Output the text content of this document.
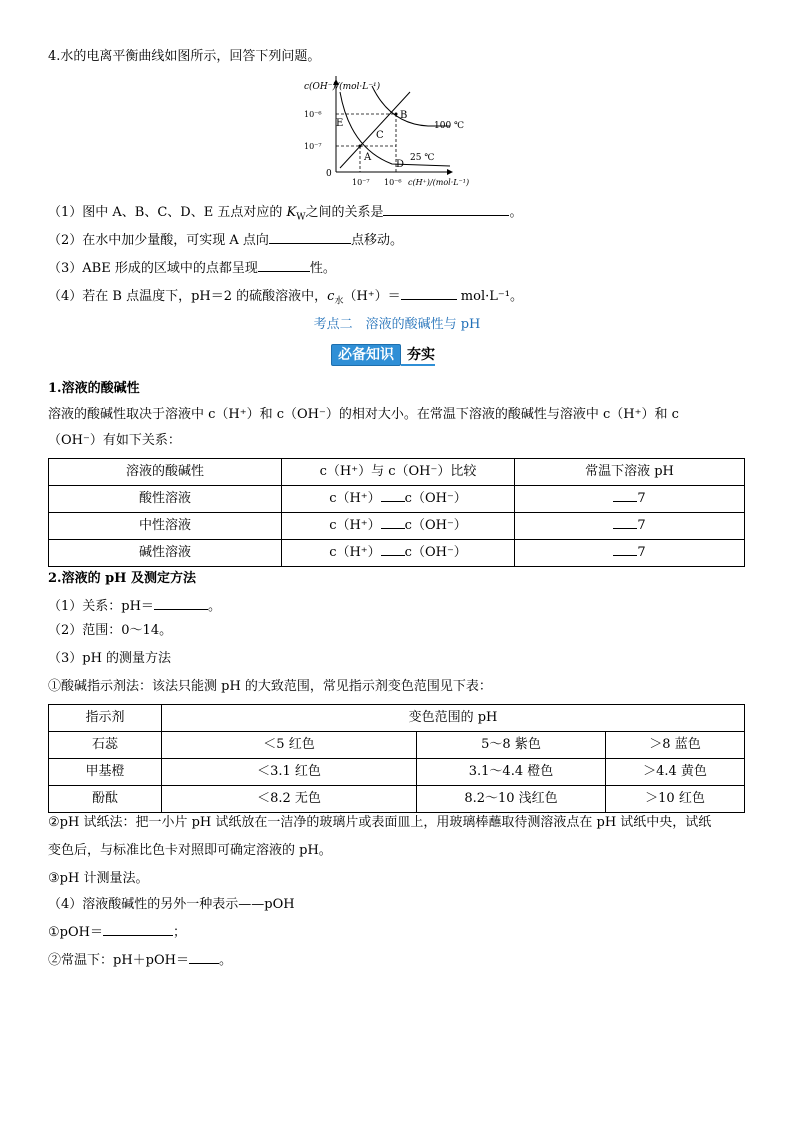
4.水的电离平衡曲线如图所示，回答下列问题。
c(OH⁻)/(mol·L⁻¹)
10⁻⁶
10⁻⁷
0
10⁻⁷ 10⁻⁶ c(H⁺)/(mol·L⁻¹)
A
B
C
D
E	100 ℃
25 ℃
（1）图中 A、B、C、D、E 五点对应的 $K_W$之间的关系是	。
（2）在水中加少量酸，可实现 A 点向	点移动。
（3）ABE 形成的区域中的点都呈现	性。
（4）若在 B 点温度下，pH＝2 的硫酸溶液中，$c_水(H^+)=$	mol·L⁻¹。
考点二　溶液的酸碱性与 pH
必备知识 夯实
1.溶液的酸碱性
溶液的酸碱性取决于溶液中 c（H⁺）和 c（OH⁻）的相对大小。在常温下溶液的酸碱性与溶液中 c（H⁺）和 c
（OH⁻）有如下关系：
溶液的酸碱性	c（H⁺）与 c（OH⁻）比较	常温下溶液 pH
酸性溶液	c（H⁺） c（OH⁻）	7
中性溶液	c（H⁺） c（OH⁻）	7
碱性溶液	c（H⁺） c（OH⁻）	7
2.溶液的 pH 及测定方法
（1）关系：pH＝	。
（2）范围：0～14。
（3）pH 的测量方法
①酸碱指示剂法：该法只能测 pH 的大致范围，常见指示剂变色范围见下表：
指示剂	变色范围的 pH		
石蕊	＜5 红色	5～8 紫色	＞8 蓝色
甲基橙	＜3.1 红色	3.1～4.4 橙色	＞4.4 黄色
酚酞	＜8.2 无色	8.2～10 浅红色	＞10 红色
②pH 试纸法：把一小片 pH 试纸放在一洁净的玻璃片或表面皿上，用玻璃棒蘸取待测溶液点在 pH 试纸中央，试纸
变色后，与标准比色卡对照即可确定溶液的 pH。
③pH 计测量法。
（4）溶液酸碱性的另外一种表示——pOH
①pOH＝	；
②常温下：pH＋pOH＝ 。
